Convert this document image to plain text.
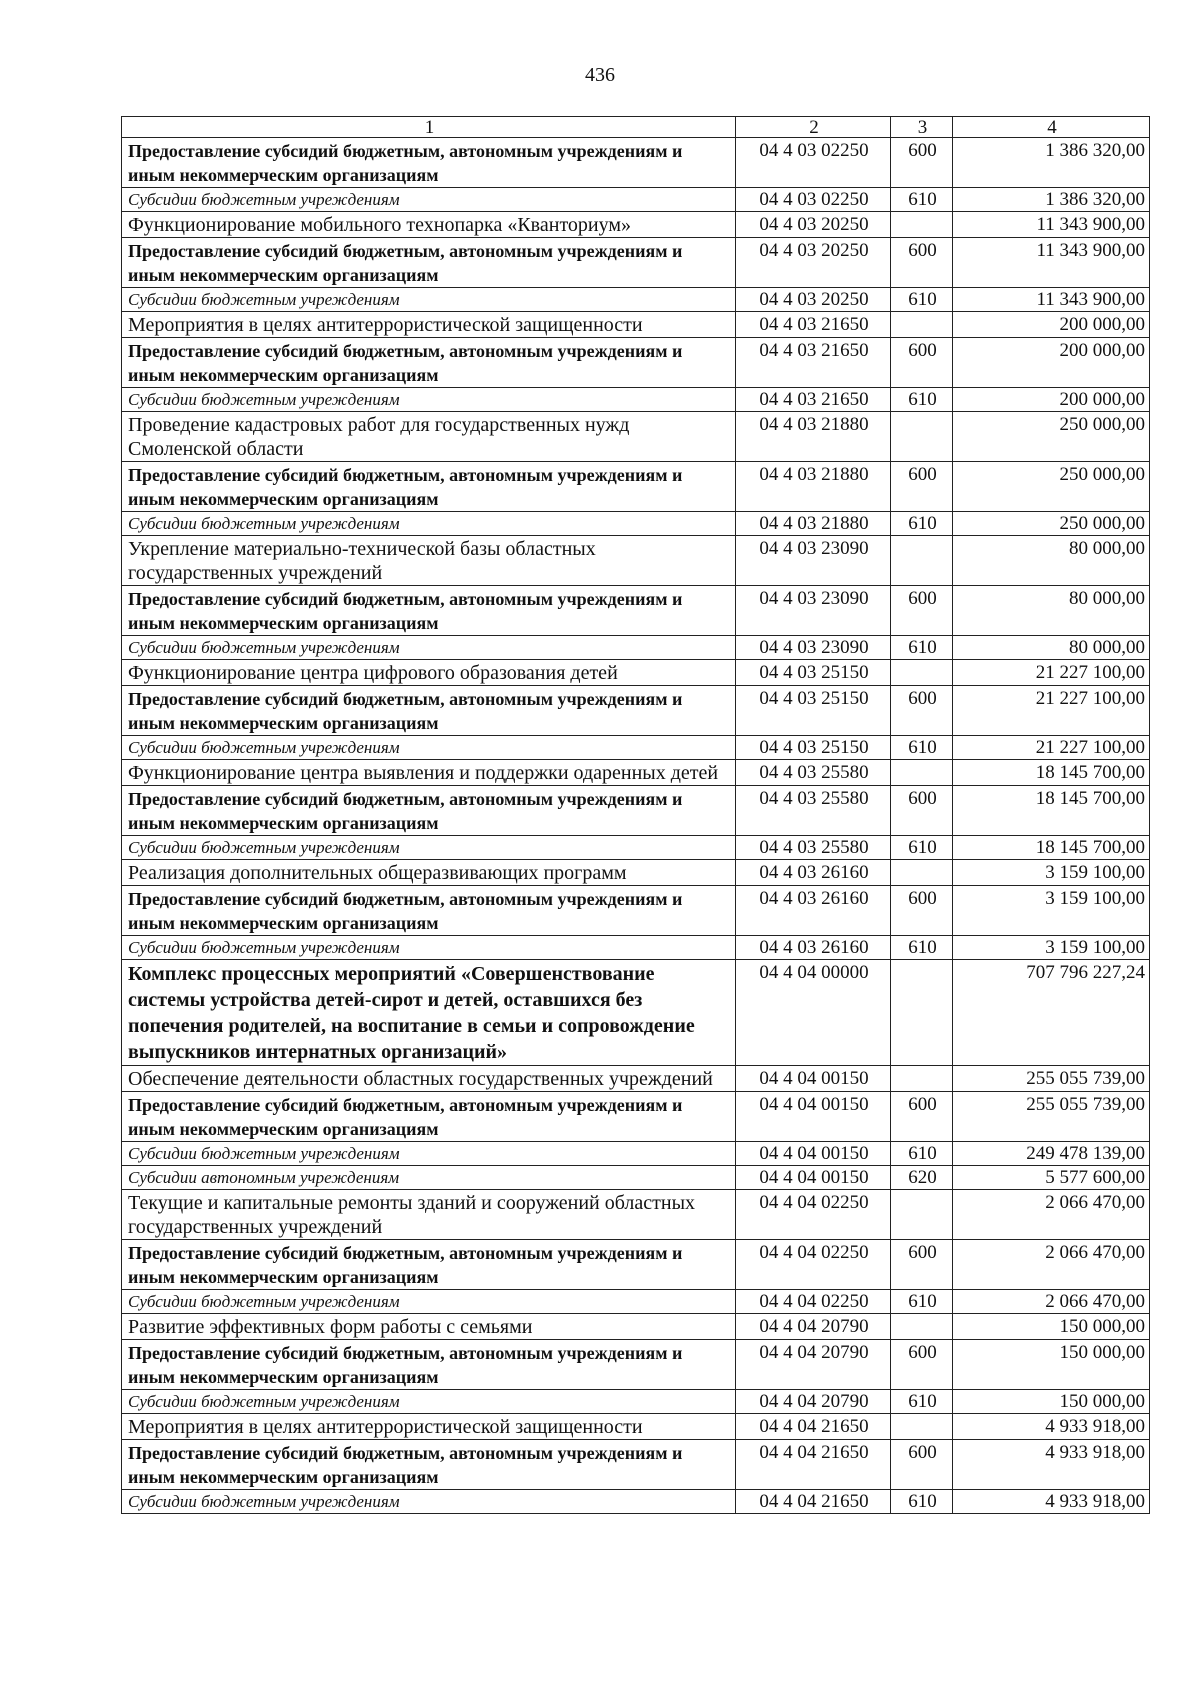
436
1	2	3	4
Предоставление субсидий бюджетным, автономным учреждениям и иным некоммерческим организациям	04 4 03 02250	600	1 386 320,00
Субсидии бюджетным учреждениям	04 4 03 02250	610	1 386 320,00
Функционирование мобильного технопарка «Кванториум»	04 4 03 20250		11 343 900,00
Предоставление субсидий бюджетным, автономным учреждениям и иным некоммерческим организациям	04 4 03 20250	600	11 343 900,00
Субсидии бюджетным учреждениям	04 4 03 20250	610	11 343 900,00
Мероприятия в целях антитеррористической защищенности	04 4 03 21650		200 000,00
Предоставление субсидий бюджетным, автономным учреждениям и иным некоммерческим организациям	04 4 03 21650	600	200 000,00
Субсидии бюджетным учреждениям	04 4 03 21650	610	200 000,00
Проведение кадастровых работ для государственных нужд Смоленской области	04 4 03 21880		250 000,00
Предоставление субсидий бюджетным, автономным учреждениям и иным некоммерческим организациям	04 4 03 21880	600	250 000,00
Субсидии бюджетным учреждениям	04 4 03 21880	610	250 000,00
Укрепление материально-технической базы областных государственных учреждений	04 4 03 23090		80 000,00
Предоставление субсидий бюджетным, автономным учреждениям и иным некоммерческим организациям	04 4 03 23090	600	80 000,00
Субсидии бюджетным учреждениям	04 4 03 23090	610	80 000,00
Функционирование центра цифрового образования детей	04 4 03 25150		21 227 100,00
Предоставление субсидий бюджетным, автономным учреждениям и иным некоммерческим организациям	04 4 03 25150	600	21 227 100,00
Субсидии бюджетным учреждениям	04 4 03 25150	610	21 227 100,00
Функционирование центра выявления и поддержки одаренных детей	04 4 03 25580		18 145 700,00
Предоставление субсидий бюджетным, автономным учреждениям и иным некоммерческим организациям	04 4 03 25580	600	18 145 700,00
Субсидии бюджетным учреждениям	04 4 03 25580	610	18 145 700,00
Реализация дополнительных общеразвивающих программ	04 4 03 26160		3 159 100,00
Предоставление субсидий бюджетным, автономным учреждениям и иным некоммерческим организациям	04 4 03 26160	600	3 159 100,00
Субсидии бюджетным учреждениям	04 4 03 26160	610	3 159 100,00
Комплекс процессных мероприятий «Совершенствование системы устройства детей-сирот и детей, оставшихся без попечения родителей, на воспитание в семьи и сопровождение выпускников интернатных организаций»	04 4 04 00000		707 796 227,24
Обеспечение деятельности областных государственных учреждений	04 4 04 00150		255 055 739,00
Предоставление субсидий бюджетным, автономным учреждениям и иным некоммерческим организациям	04 4 04 00150	600	255 055 739,00
Субсидии бюджетным учреждениям	04 4 04 00150	610	249 478 139,00
Субсидии автономным учреждениям	04 4 04 00150	620	5 577 600,00
Текущие и капитальные ремонты зданий и сооружений областных государственных учреждений	04 4 04 02250		2 066 470,00
Предоставление субсидий бюджетным, автономным учреждениям и иным некоммерческим организациям	04 4 04 02250	600	2 066 470,00
Субсидии бюджетным учреждениям	04 4 04 02250	610	2 066 470,00
Развитие эффективных форм работы с семьями	04 4 04 20790		150 000,00
Предоставление субсидий бюджетным, автономным учреждениям и иным некоммерческим организациям	04 4 04 20790	600	150 000,00
Субсидии бюджетным учреждениям	04 4 04 20790	610	150 000,00
Мероприятия в целях антитеррористической защищенности	04 4 04 21650		4 933 918,00
Предоставление субсидий бюджетным, автономным учреждениям и иным некоммерческим организациям	04 4 04 21650	600	4 933 918,00
Субсидии бюджетным учреждениям	04 4 04 21650	610	4 933 918,00
